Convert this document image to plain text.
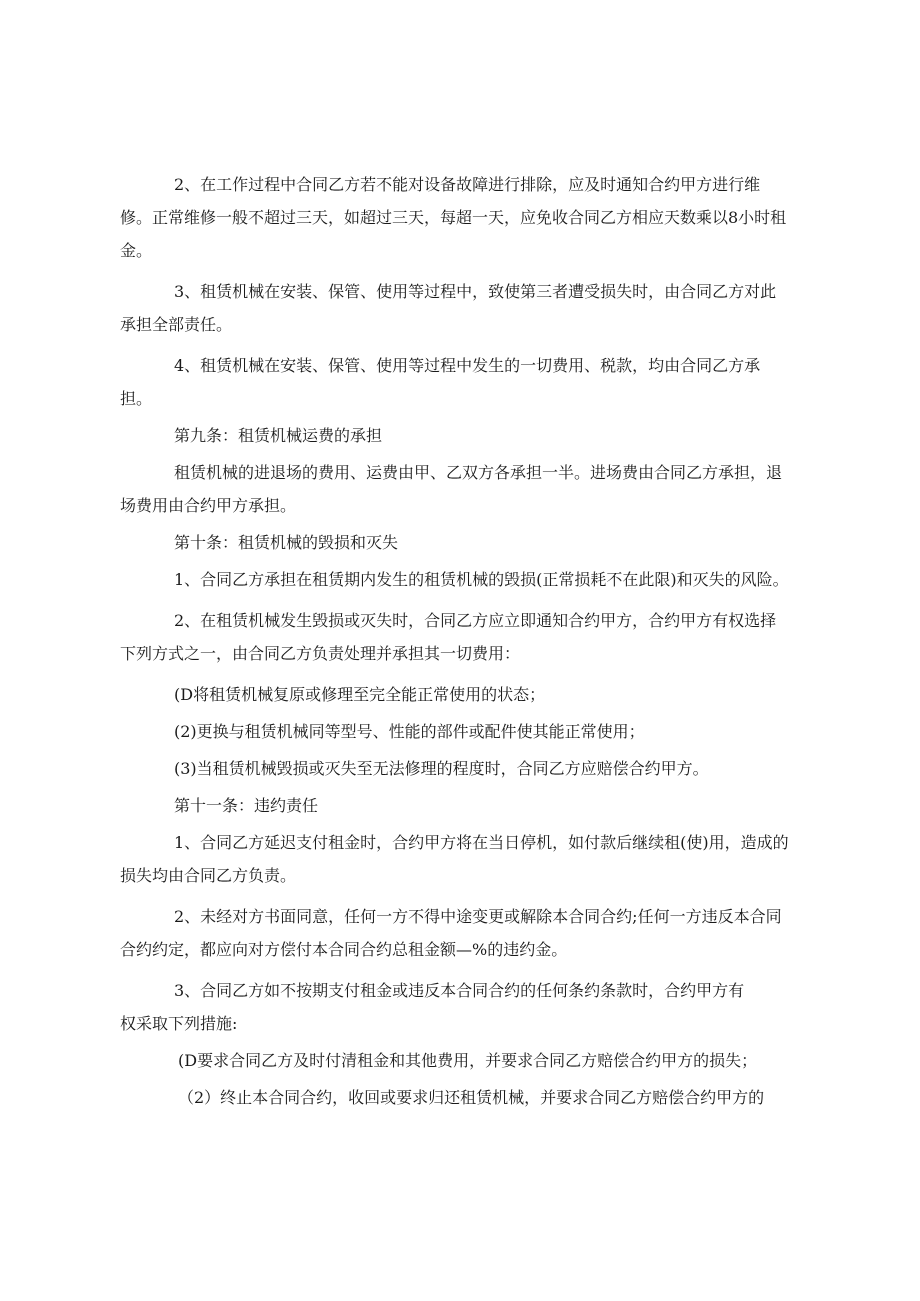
2、在工作过程中合同乙方若不能对设备故障进行排除，应及时通知合约甲方进行维修。正常维修一般不超过三天，如超过三天，每超一天，应免收合同乙方相应天数乘以8小时租金。

3、租赁机械在安装、保管、使用等过程中，致使第三者遭受损失时，由合同乙方对此承担全部责任。

4、租赁机械在安装、保管、使用等过程中发生的一切费用、税款，均由合同乙方承担。

第九条：租赁机械运费的承担

租赁机械的进退场的费用、运费由甲、乙双方各承担一半。进场费由合同乙方承担，退场费用由合约甲方承担。

第十条：租赁机械的毁损和灭失

1、合同乙方承担在租赁期内发生的租赁机械的毁损(正常损耗不在此限)和灭失的风险。

2、在租赁机械发生毁损或灭失时，合同乙方应立即通知合约甲方，合约甲方有权选择下列方式之一，由合同乙方负责处理并承担其一切费用：

(D将租赁机械复原或修理至完全能正常使用的状态；

(2)更换与租赁机械同等型号、性能的部件或配件使其能正常使用；

(3)当租赁机械毁损或灭失至无法修理的程度时，合同乙方应赔偿合约甲方。

第十一条：违约责任

1、合同乙方延迟支付租金时，合约甲方将在当日停机，如付款后继续租(使)用，造成的损失均由合同乙方负责。

2、未经对方书面同意，任何一方不得中途变更或解除本合同合约;任何一方违反本合同合约约定，都应向对方偿付本合同合约总租金额—%的违约金。

3、合同乙方如不按期支付租金或违反本合同合约的任何条约条款时，合约甲方有权采取下列措施:

(D要求合同乙方及时付清租金和其他费用，并要求合同乙方赔偿合约甲方的损失；

（2）终止本合同合约，收回或要求归还租赁机械，并要求合同乙方赔偿合约甲方的
